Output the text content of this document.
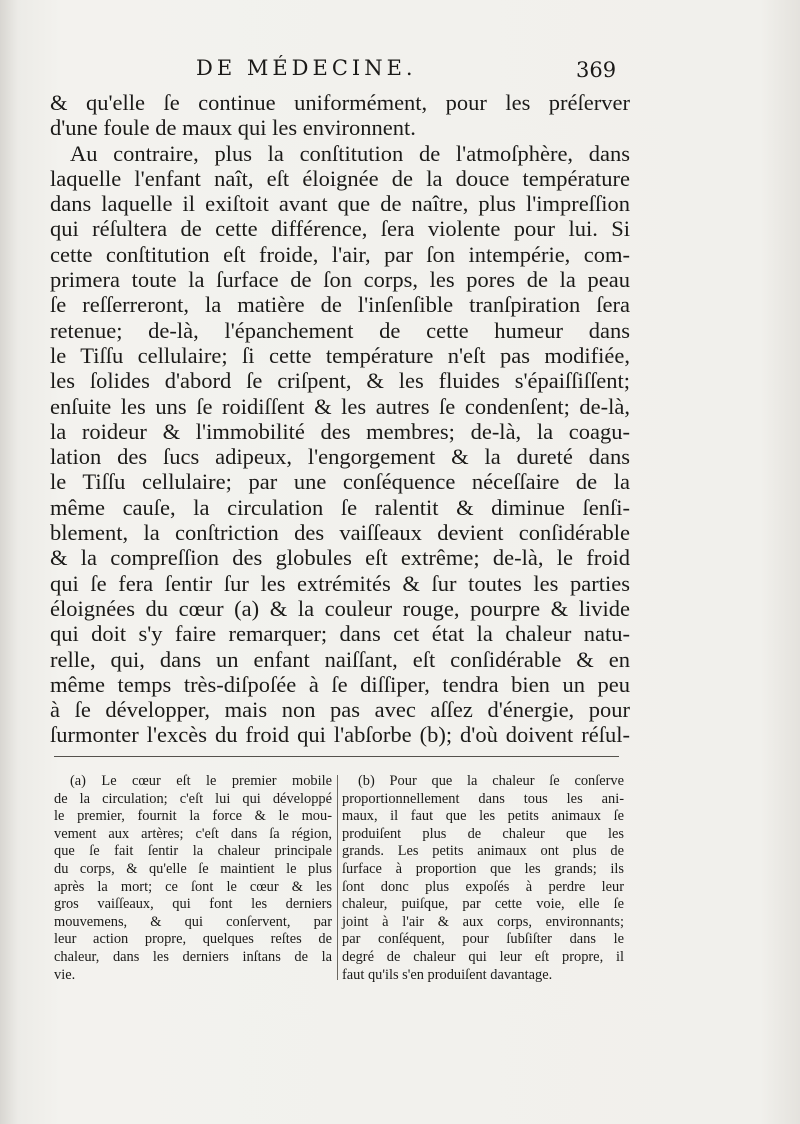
DE MÉDECINE.	369
& qu'elle ſe continue uniformément, pour les préſerver
d'une foule de maux qui les environnent.
Au contraire, plus la conſtitution de l'atmoſphère, dans
laquelle l'enfant naît, eſt éloignée de la douce température
dans laquelle il exiſtoit avant que de naître, plus l'impreſſion
qui réſultera de cette différence, ſera violente pour lui. Si
cette conſtitution eſt froide, l'air, par ſon intempérie, com-
primera toute la ſurface de ſon corps, les pores de la peau
ſe reſſerreront, la matière de l'inſenſible tranſpiration ſera
retenue; de-là, l'épanchement de cette humeur dans
le Tiſſu cellulaire; ſi cette température n'eſt pas modifiée,
les ſolides d'abord ſe criſpent, & les fluides s'épaiſſiſſent;
enſuite les uns ſe roidiſſent & les autres ſe condenſent; de-là,
la roideur & l'immobilité des membres; de-là, la coagu-
lation des ſucs adipeux, l'engorgement & la dureté dans
le Tiſſu cellulaire; par une conſéquence néceſſaire de la
même cauſe, la circulation ſe ralentit & diminue ſenſi-
blement, la conſtriction des vaiſſeaux devient conſidérable
& la compreſſion des globules eſt extrême; de-là, le froid
qui ſe fera ſentir ſur les extrémités & ſur toutes les parties
éloignées du cœur (a) & la couleur rouge, pourpre & livide
qui doit s'y faire remarquer; dans cet état la chaleur natu-
relle, qui, dans un enfant naiſſant, eſt conſidérable & en
même temps très-diſpoſée à ſe diſſiper, tendra bien un peu
à ſe développer, mais non pas avec aſſez d'énergie, pour
ſurmonter l'excès du froid qui l'abſorbe (b); d'où doivent réſul-
(a) Le cœur eſt le premier mobile
de la circulation; c'eſt lui qui développé
le premier, fournit la force & le mou-
vement aux artères; c'eſt dans ſa région,
que ſe fait ſentir la chaleur principale
du corps, & qu'elle ſe maintient le plus
après la mort; ce ſont le cœur & les
gros vaiſſeaux, qui font les derniers
mouvemens, & qui conſervent, par
leur action propre, quelques reſtes de
chaleur, dans les derniers inſtans de la
vie.
(b) Pour que la chaleur ſe conſerve
proportionnellement dans tous les ani-
maux, il faut que les petits animaux ſe
produiſent plus de chaleur que les
grands. Les petits animaux ont plus de
ſurface à proportion que les grands; ils
ſont donc plus expoſés à perdre leur
chaleur, puiſque, par cette voie, elle ſe
joint à l'air & aux corps, environnants;
par conſéquent, pour ſubſiſter dans le
degré de chaleur qui leur eſt propre, il
faut qu'ils s'en produiſent davantage.
